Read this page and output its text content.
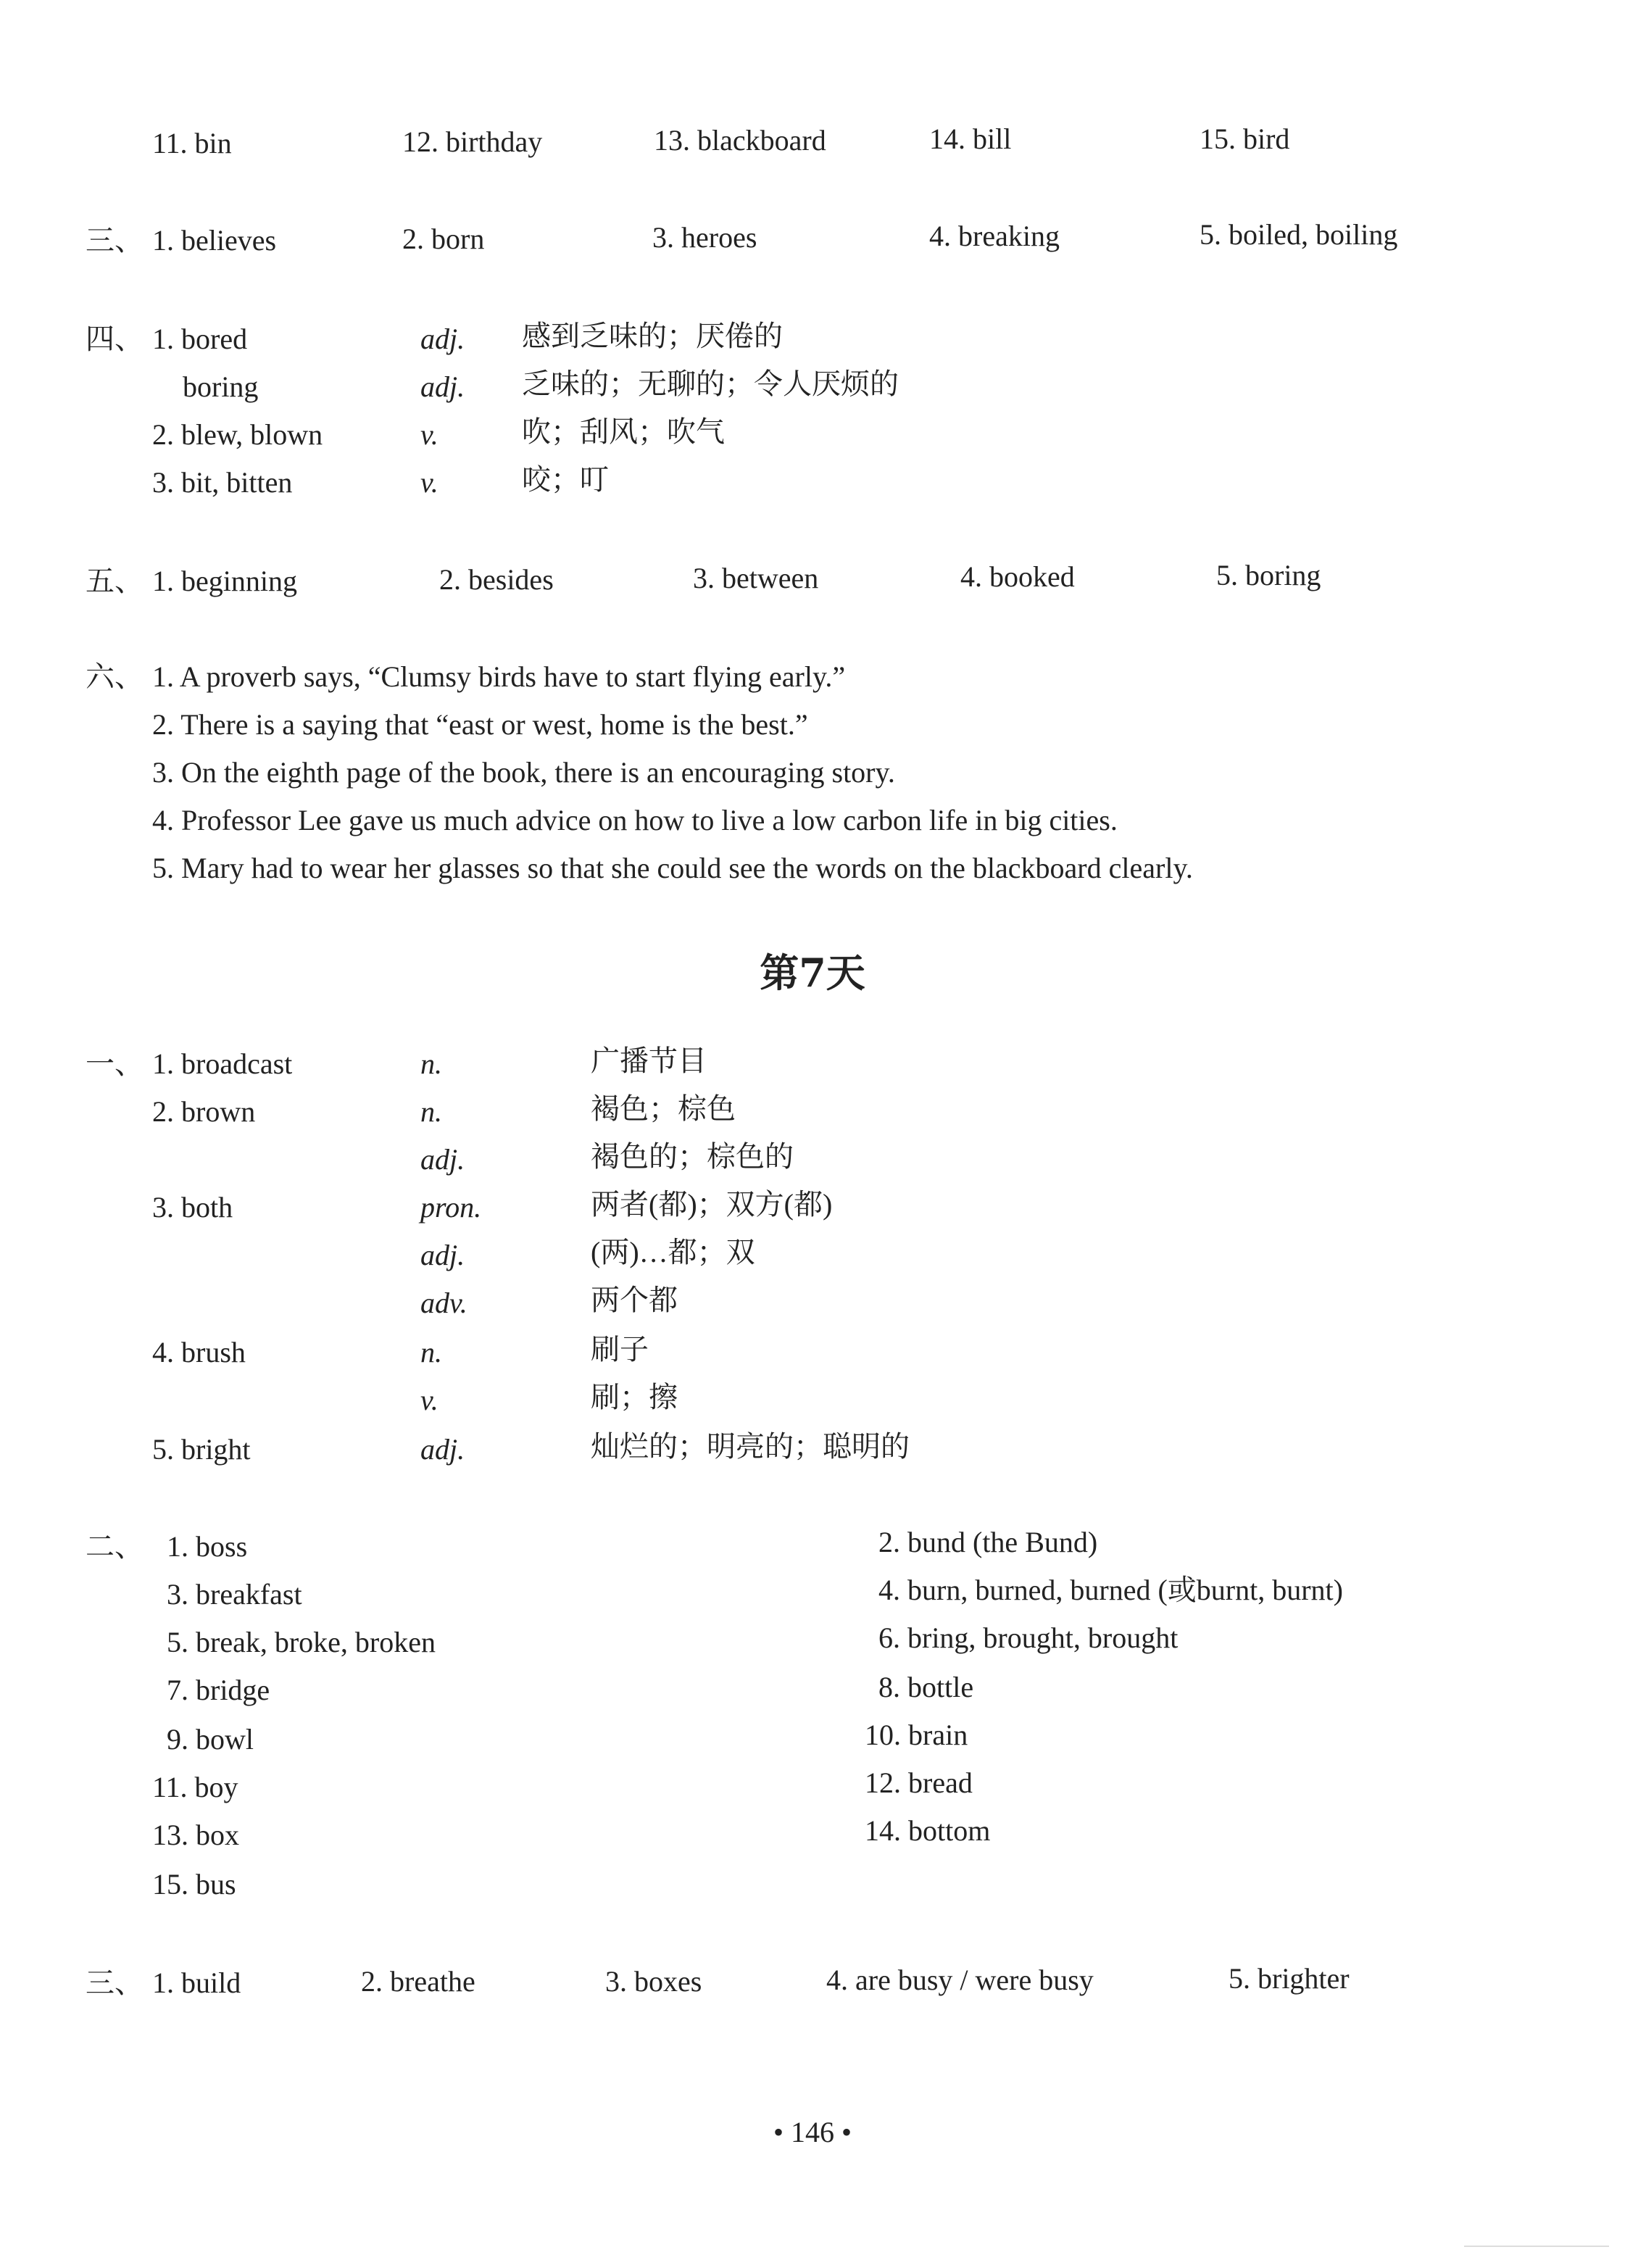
11. bin	12. birthday	13. blackboard	14. bill	15. bird
三、 1. believes	2. born	3. heroes	4. breaking	5. boiled, boiling
四、 1. bored	adj. 感到乏味的；厌倦的
boring	adj. 乏味的；无聊的；令人厌烦的
2. blew, blown	v.	吹；刮风；吹气
3. bit, bitten	v.	咬；叮
五、 1. beginning	2. besides	3. between	4. booked	5. boring
六、 1. A proverb says, “Clumsy birds have to start flying early.”
2. There is a saying that “east or west, home is the best.”
3. On the eighth page of the book, there is an encouraging story.
4. Professor Lee gave us much advice on how to live a low carbon life in big cities.
5. Mary had to wear her glasses so that she could see the words on the blackboard clearly.
第7天
一、 1. broadcast	n.	广播节目
2. brown	n.	褐色；棕色
adj.	褐色的；棕色的
3. both	pron.	两者(都)；双方(都)
adj.	(两)…都；双
adv.	两个都
4. brush	n.	刷子
v.	刷；擦
5. bright	adj.	灿烂的；明亮的；聪明的
二、 1. boss
3. breakfast
5. break, broke, broken
7. bridge
9. bowl
11. boy
13. box
15. bus
2. bund (the Bund)
4. burn, burned, burned (或burnt, burnt)
6. bring, brought, brought
8. bottle
10. brain
12. bread
14. bottom
三、 1. build	2. breathe	3. boxes	4. are busy / were busy	5. brighter
• 146 •
